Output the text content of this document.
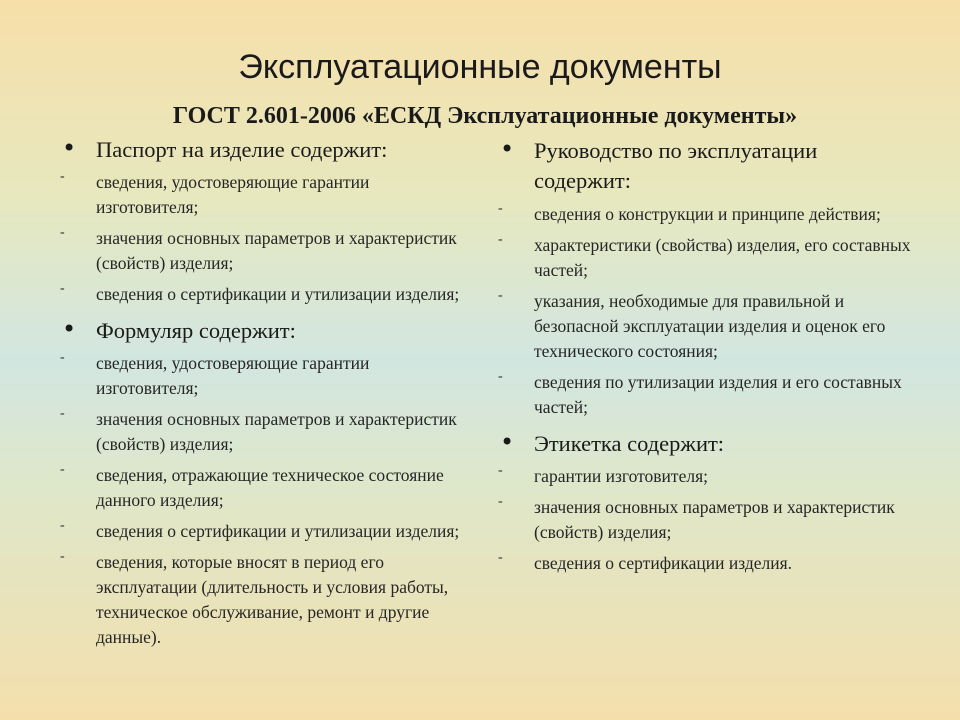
Эксплуатационные документы
ГОСТ 2.601-2006 «ЕСКД Эксплуатационные документы»
• Паспорт на изделие содержит:
- сведения, удостоверяющие гарантии изготовителя;
- значения основных параметров и характеристик (свойств) изделия;
- сведения о сертификации и утилизации изделия;
• Формуляр содержит:
- сведения, удостоверяющие гарантии изготовителя;
- значения основных параметров и характеристик (свойств) изделия;
- сведения, отражающие техническое состояние данного изделия;
- сведения о сертификации и утилизации изделия;
- сведения, которые вносят в период его эксплуатации (длительность и условия работы, техническое обслуживание, ремонт и другие данные).
• Руководство по эксплуатации содержит:
- сведения о конструкции и принципе действия;
- характеристики (свойства) изделия, его составных частей;
- указания, необходимые для правильной и безопасной эксплуатации изделия и оценок его технического состояния;
- сведения по утилизации изделия и его составных частей;
• Этикетка содержит:
- гарантии изготовителя;
- значения основных параметров и характеристик (свойств) изделия;
- сведения о сертификации изделия.
